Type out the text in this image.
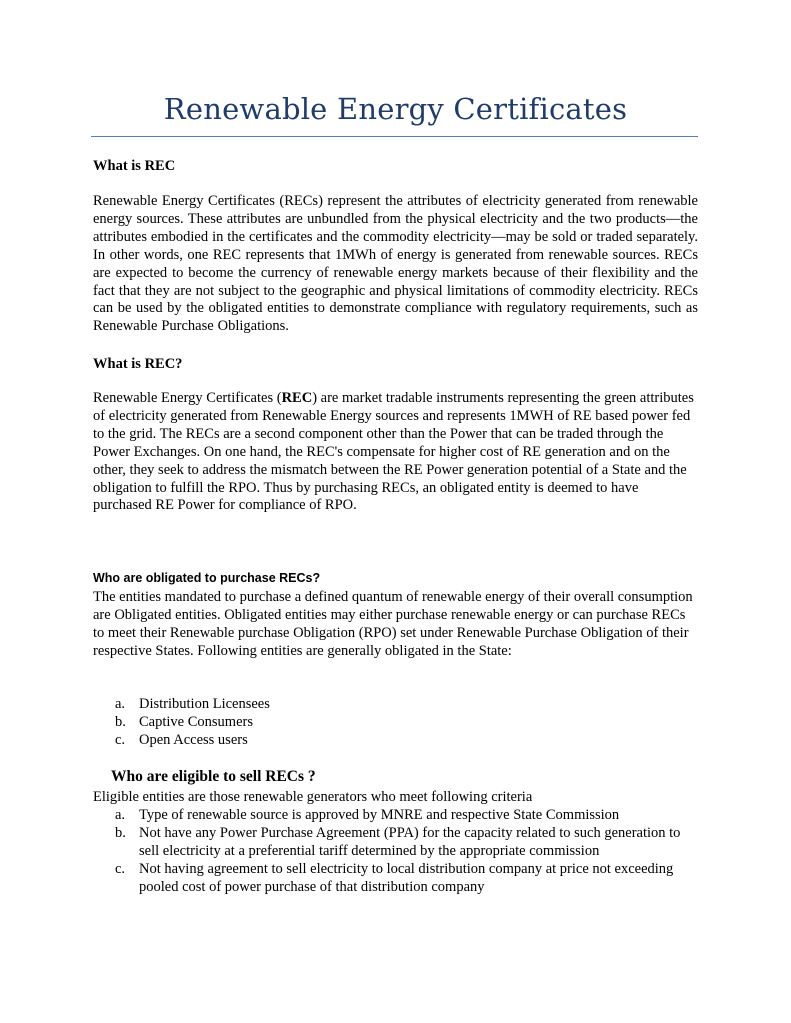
Renewable Energy Certificates

What is REC

Renewable Energy Certificates (RECs) represent the attributes of electricity generated from renewable energy sources. These attributes are unbundled from the physical electricity and the two products—the attributes embodied in the certificates and the commodity electricity—may be sold or traded separately. In other words, one REC represents that 1MWh of energy is generated from renewable sources. RECs are expected to become the currency of renewable energy markets because of their flexibility and the fact that they are not subject to the geographic and physical limitations of commodity electricity. RECs can be used by the obligated entities to demonstrate compliance with regulatory requirements, such as Renewable Purchase Obligations.

What is REC?

Renewable Energy Certificates (REC) are market tradable instruments representing the green attributes of electricity generated from Renewable Energy sources and represents 1MWH of RE based power fed to the grid. The RECs are a second component other than the Power that can be traded through the Power Exchanges. On one hand, the REC's compensate for higher cost of RE generation and on the other, they seek to address the mismatch between the RE Power generation potential of a State and the obligation to fulfill the RPO. Thus by purchasing RECs, an obligated entity is deemed to have purchased RE Power for compliance of RPO.

Who are obligated to purchase RECs?

The entities mandated to purchase a defined quantum of renewable energy of their overall consumption are Obligated entities. Obligated entities may either purchase renewable energy or can purchase RECs to meet their Renewable purchase Obligation (RPO) set under Renewable Purchase Obligation of their respective States. Following entities are generally obligated in the State:

a. Distribution Licensees
b. Captive Consumers
c. Open Access users

Who are eligible to sell RECs ?

Eligible entities are those renewable generators who meet following criteria

a. Type of renewable source is approved by MNRE and respective State Commission
b. Not have any Power Purchase Agreement (PPA) for the capacity related to such generation to sell electricity at a preferential tariff determined by the appropriate commission
c. Not having agreement to sell electricity to local distribution company at price not exceeding pooled cost of power purchase of that distribution company
